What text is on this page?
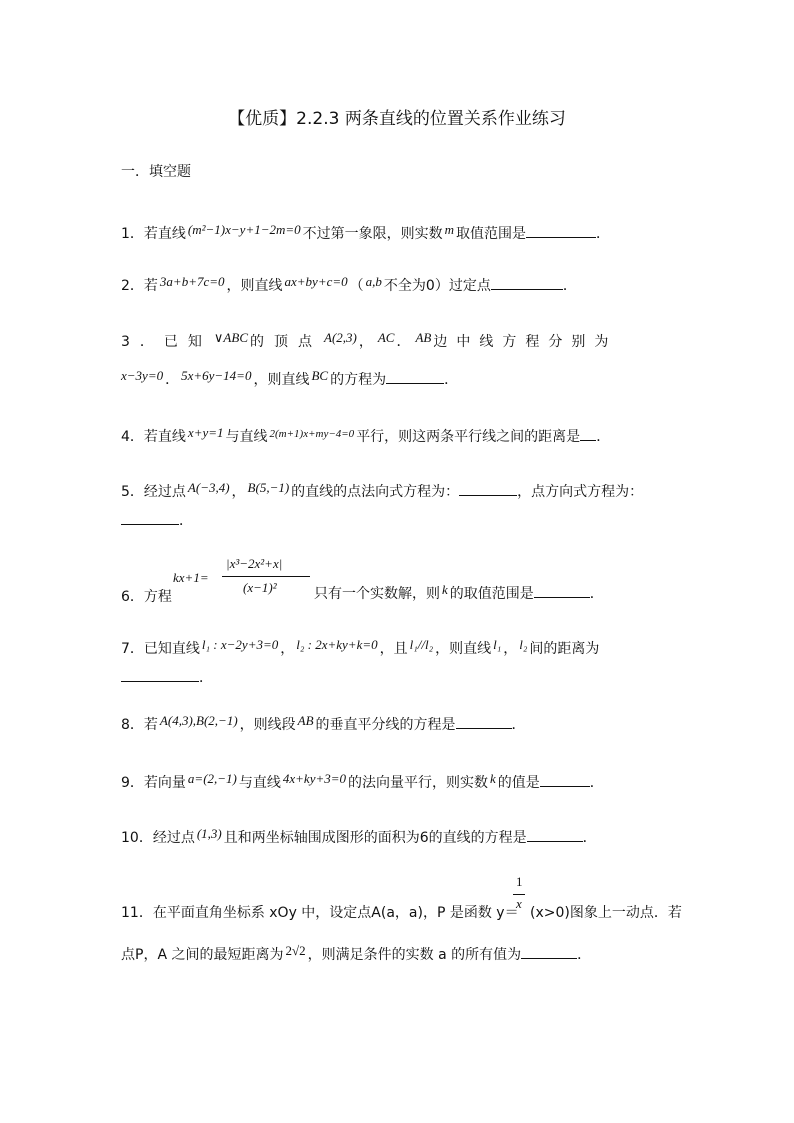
【优质】2.2.3 两条直线的位置关系作业练习
一．填空题
1．若直线 (m²−1)x−y+1−2m=0 不过第一象限，则实数 m 取值范围是	．
2．若 3a+b+7c=0 ，则直线 ax+by+c=0 （ a,b 不全为0）过定点	．
3．已知 ∨ABC 的顶点 A(2,3) ， AC ． AB 边中线方程分别为
x−3y=0 ． 5x+6y−14=0 ，则直线 BC 的方程为	．
4．若直线 x+y=1 与直线 $^{2(m+1)x+my-4=0}$ 平行，则这两条平行线之间的距离是 ．
5．经过点 A(−3,4) ， B(5,−1) 的直线的点法向式方程为：	，点方向式方程为：
．
kx+1=
|x³−2x²+x|
(x−1)²
6．方程	只有一个实数解，则 k 的取值范围是	．
7．已知直线 l₁ : x−2y+3=0 ， l₂ : 2x+ky+k=0 ，且 l₁//l₂ ，则直线 l₁ ， l₂ 间的距离为
．
8．若 A(4,3),B(2,−1) ，则线段 AB 的垂直平分线的方程是	．
9．若向量 a=(2,−1) 与直线 4x+ky+3=0 的法向量平行，则实数 k 的值是	．
10．经过点 (1,3) 且和两坐标轴围成图形的面积为6的直线的方程是	．
1
x
11．在平面直角坐标系 xOy 中，设定点A(a，a)，P 是函数 y＝ (x>0)图象上一动点．若
点P，A 之间的最短距离为 2√2 ，则满足条件的实数 a 的所有值为	．
